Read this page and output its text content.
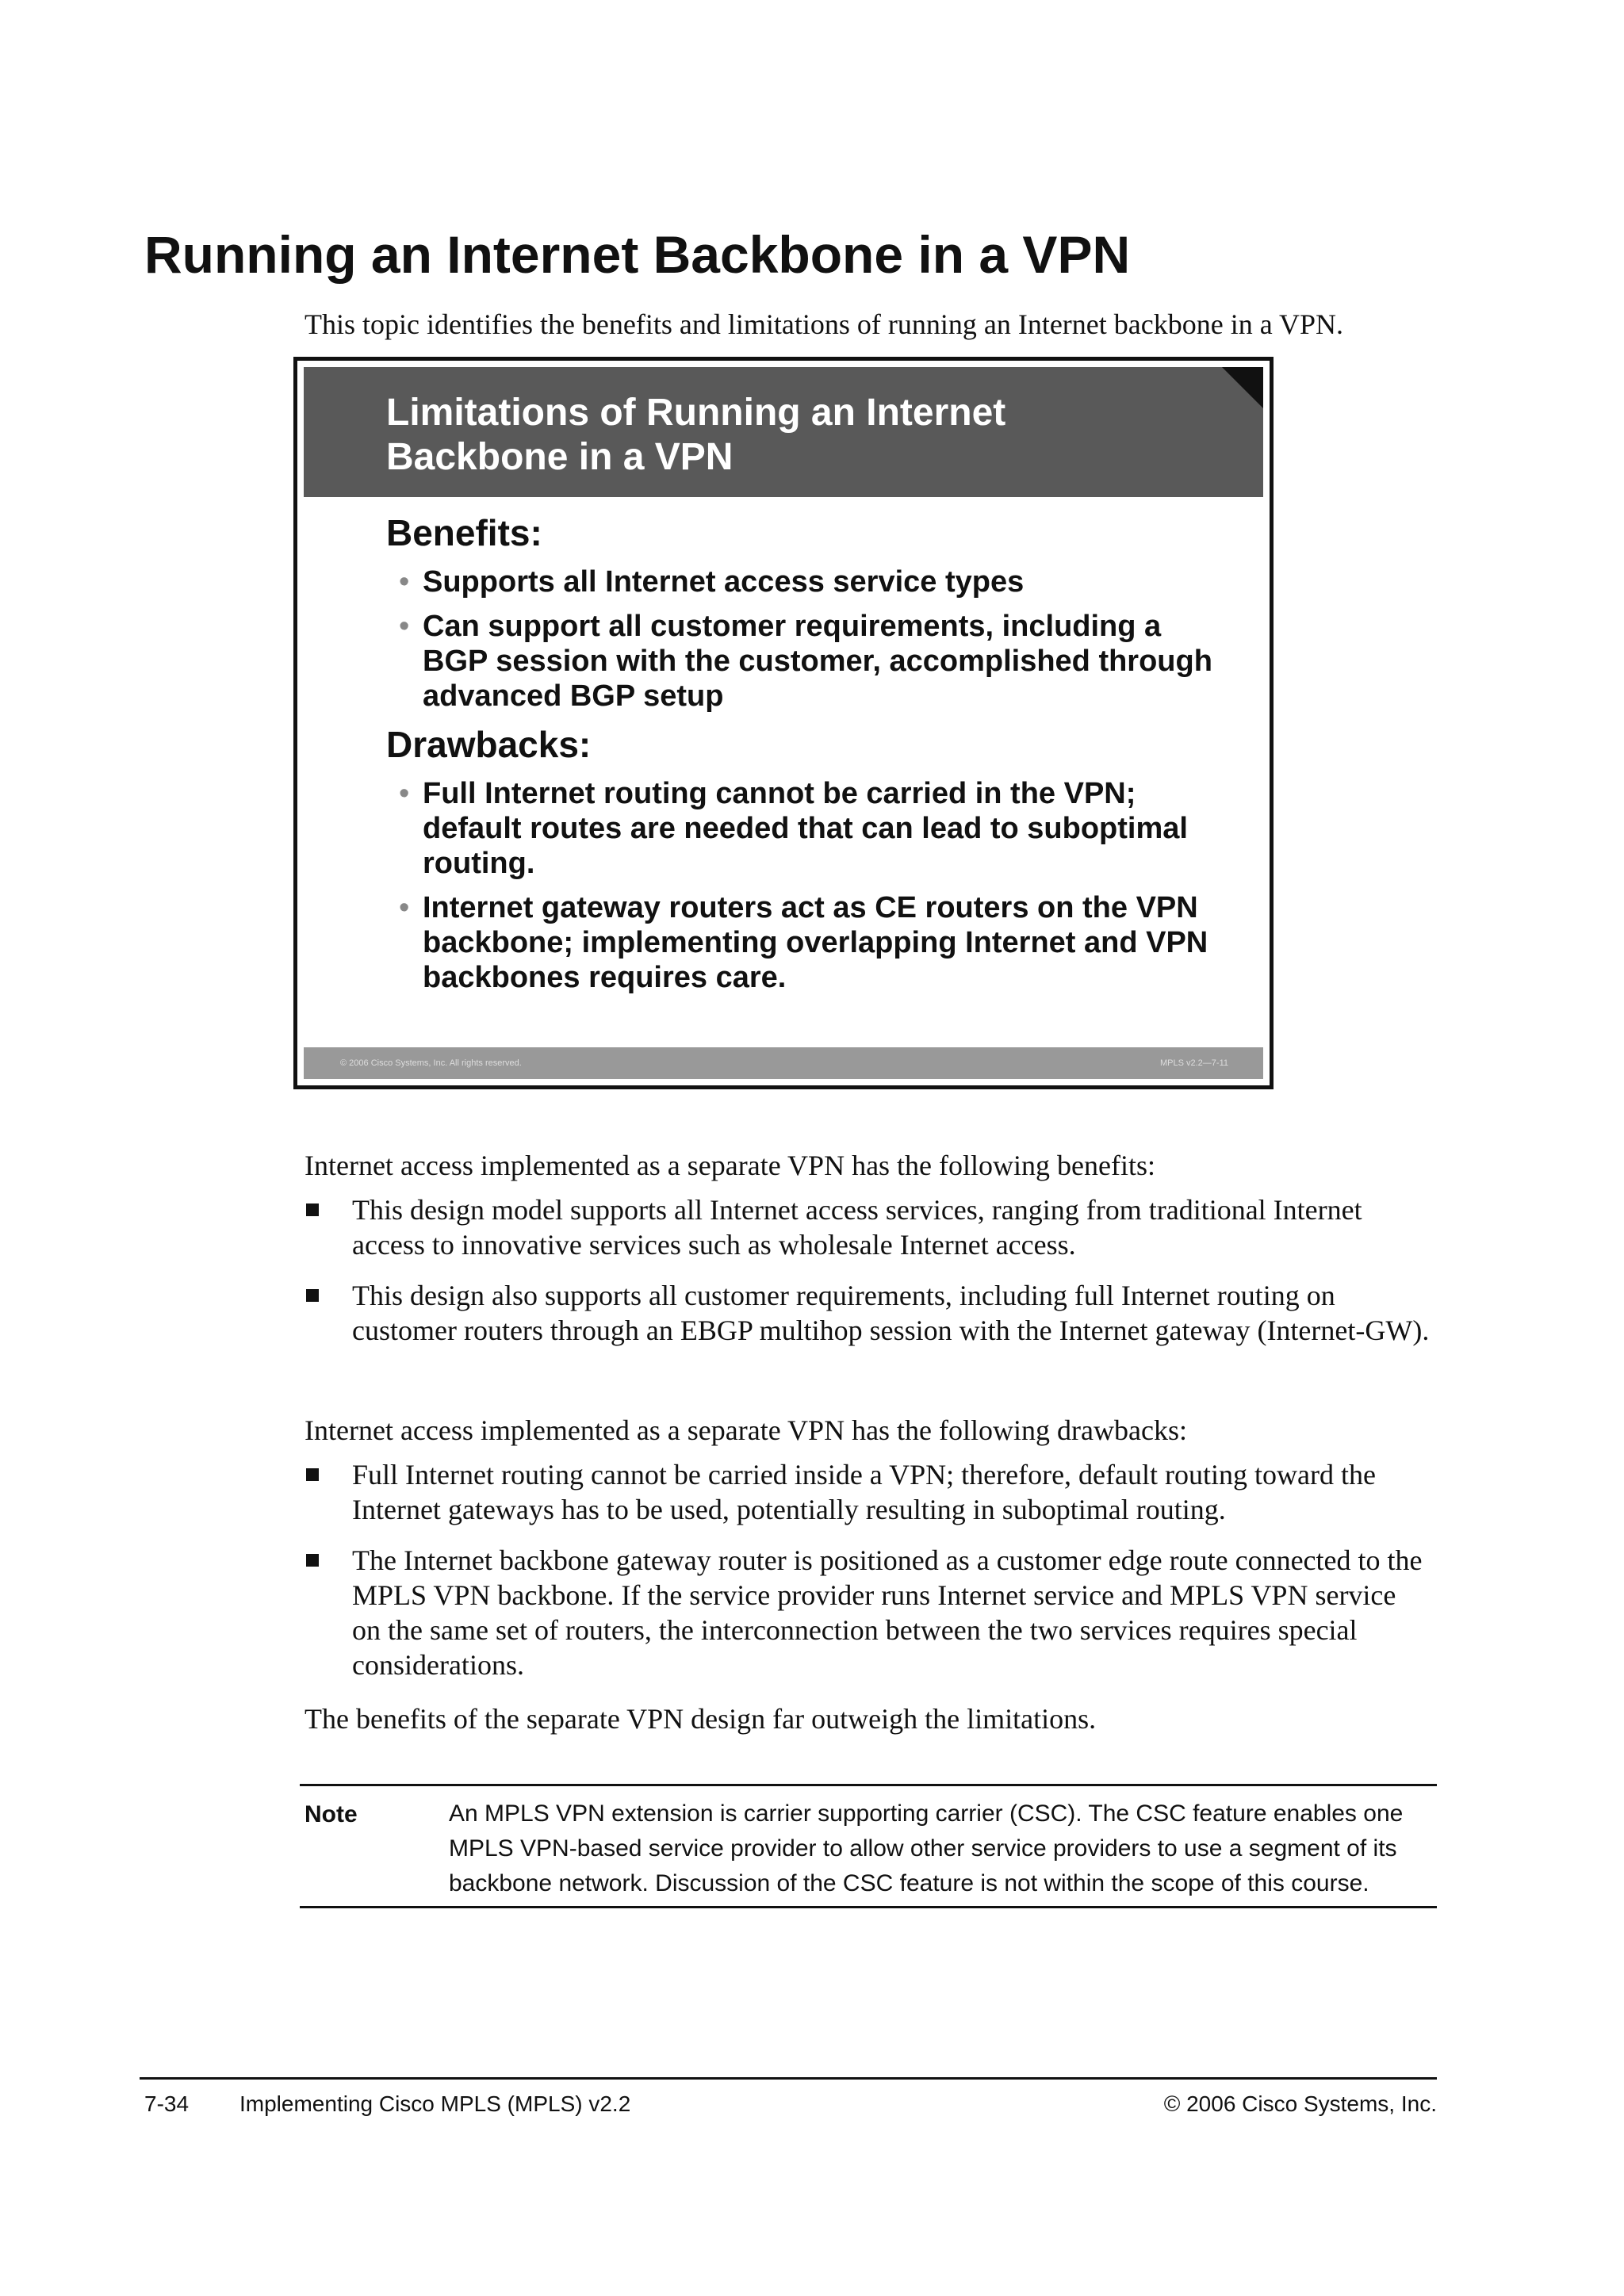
Running an Internet Backbone in a VPN

This topic identifies the benefits and limitations of running an Internet backbone in a VPN.

Limitations of Running an Internet Backbone in a VPN
Benefits:
• Supports all Internet access service types
• Can support all customer requirements, including a BGP session with the customer, accomplished through advanced BGP setup
Drawbacks:
• Full Internet routing cannot be carried in the VPN; default routes are needed that can lead to suboptimal routing.
• Internet gateway routers act as CE routers on the VPN backbone; implementing overlapping Internet and VPN backbones requires care.
© 2006 Cisco Systems, Inc. All rights reserved.	MPLS v2.2—7-11

Internet access implemented as a separate VPN has the following benefits:

This design model supports all Internet access services, ranging from traditional Internet access to innovative services such as wholesale Internet access.
This design also supports all customer requirements, including full Internet routing on customer routers through an EBGP multihop session with the Internet gateway (Internet-GW).

Internet access implemented as a separate VPN has the following drawbacks:

Full Internet routing cannot be carried inside a VPN; therefore, default routing toward the Internet gateways has to be used, potentially resulting in suboptimal routing.
The Internet backbone gateway router is positioned as a customer edge route connected to the MPLS VPN backbone. If the service provider runs Internet service and MPLS VPN service on the same set of routers, the interconnection between the two services requires special considerations.

The benefits of the separate VPN design far outweigh the limitations.

Note	An MPLS VPN extension is carrier supporting carrier (CSC). The CSC feature enables one MPLS VPN-based service provider to allow other service providers to use a segment of its backbone network. Discussion of the CSC feature is not within the scope of this course.

7-34 Implementing Cisco MPLS (MPLS) v2.2	© 2006 Cisco Systems, Inc.
